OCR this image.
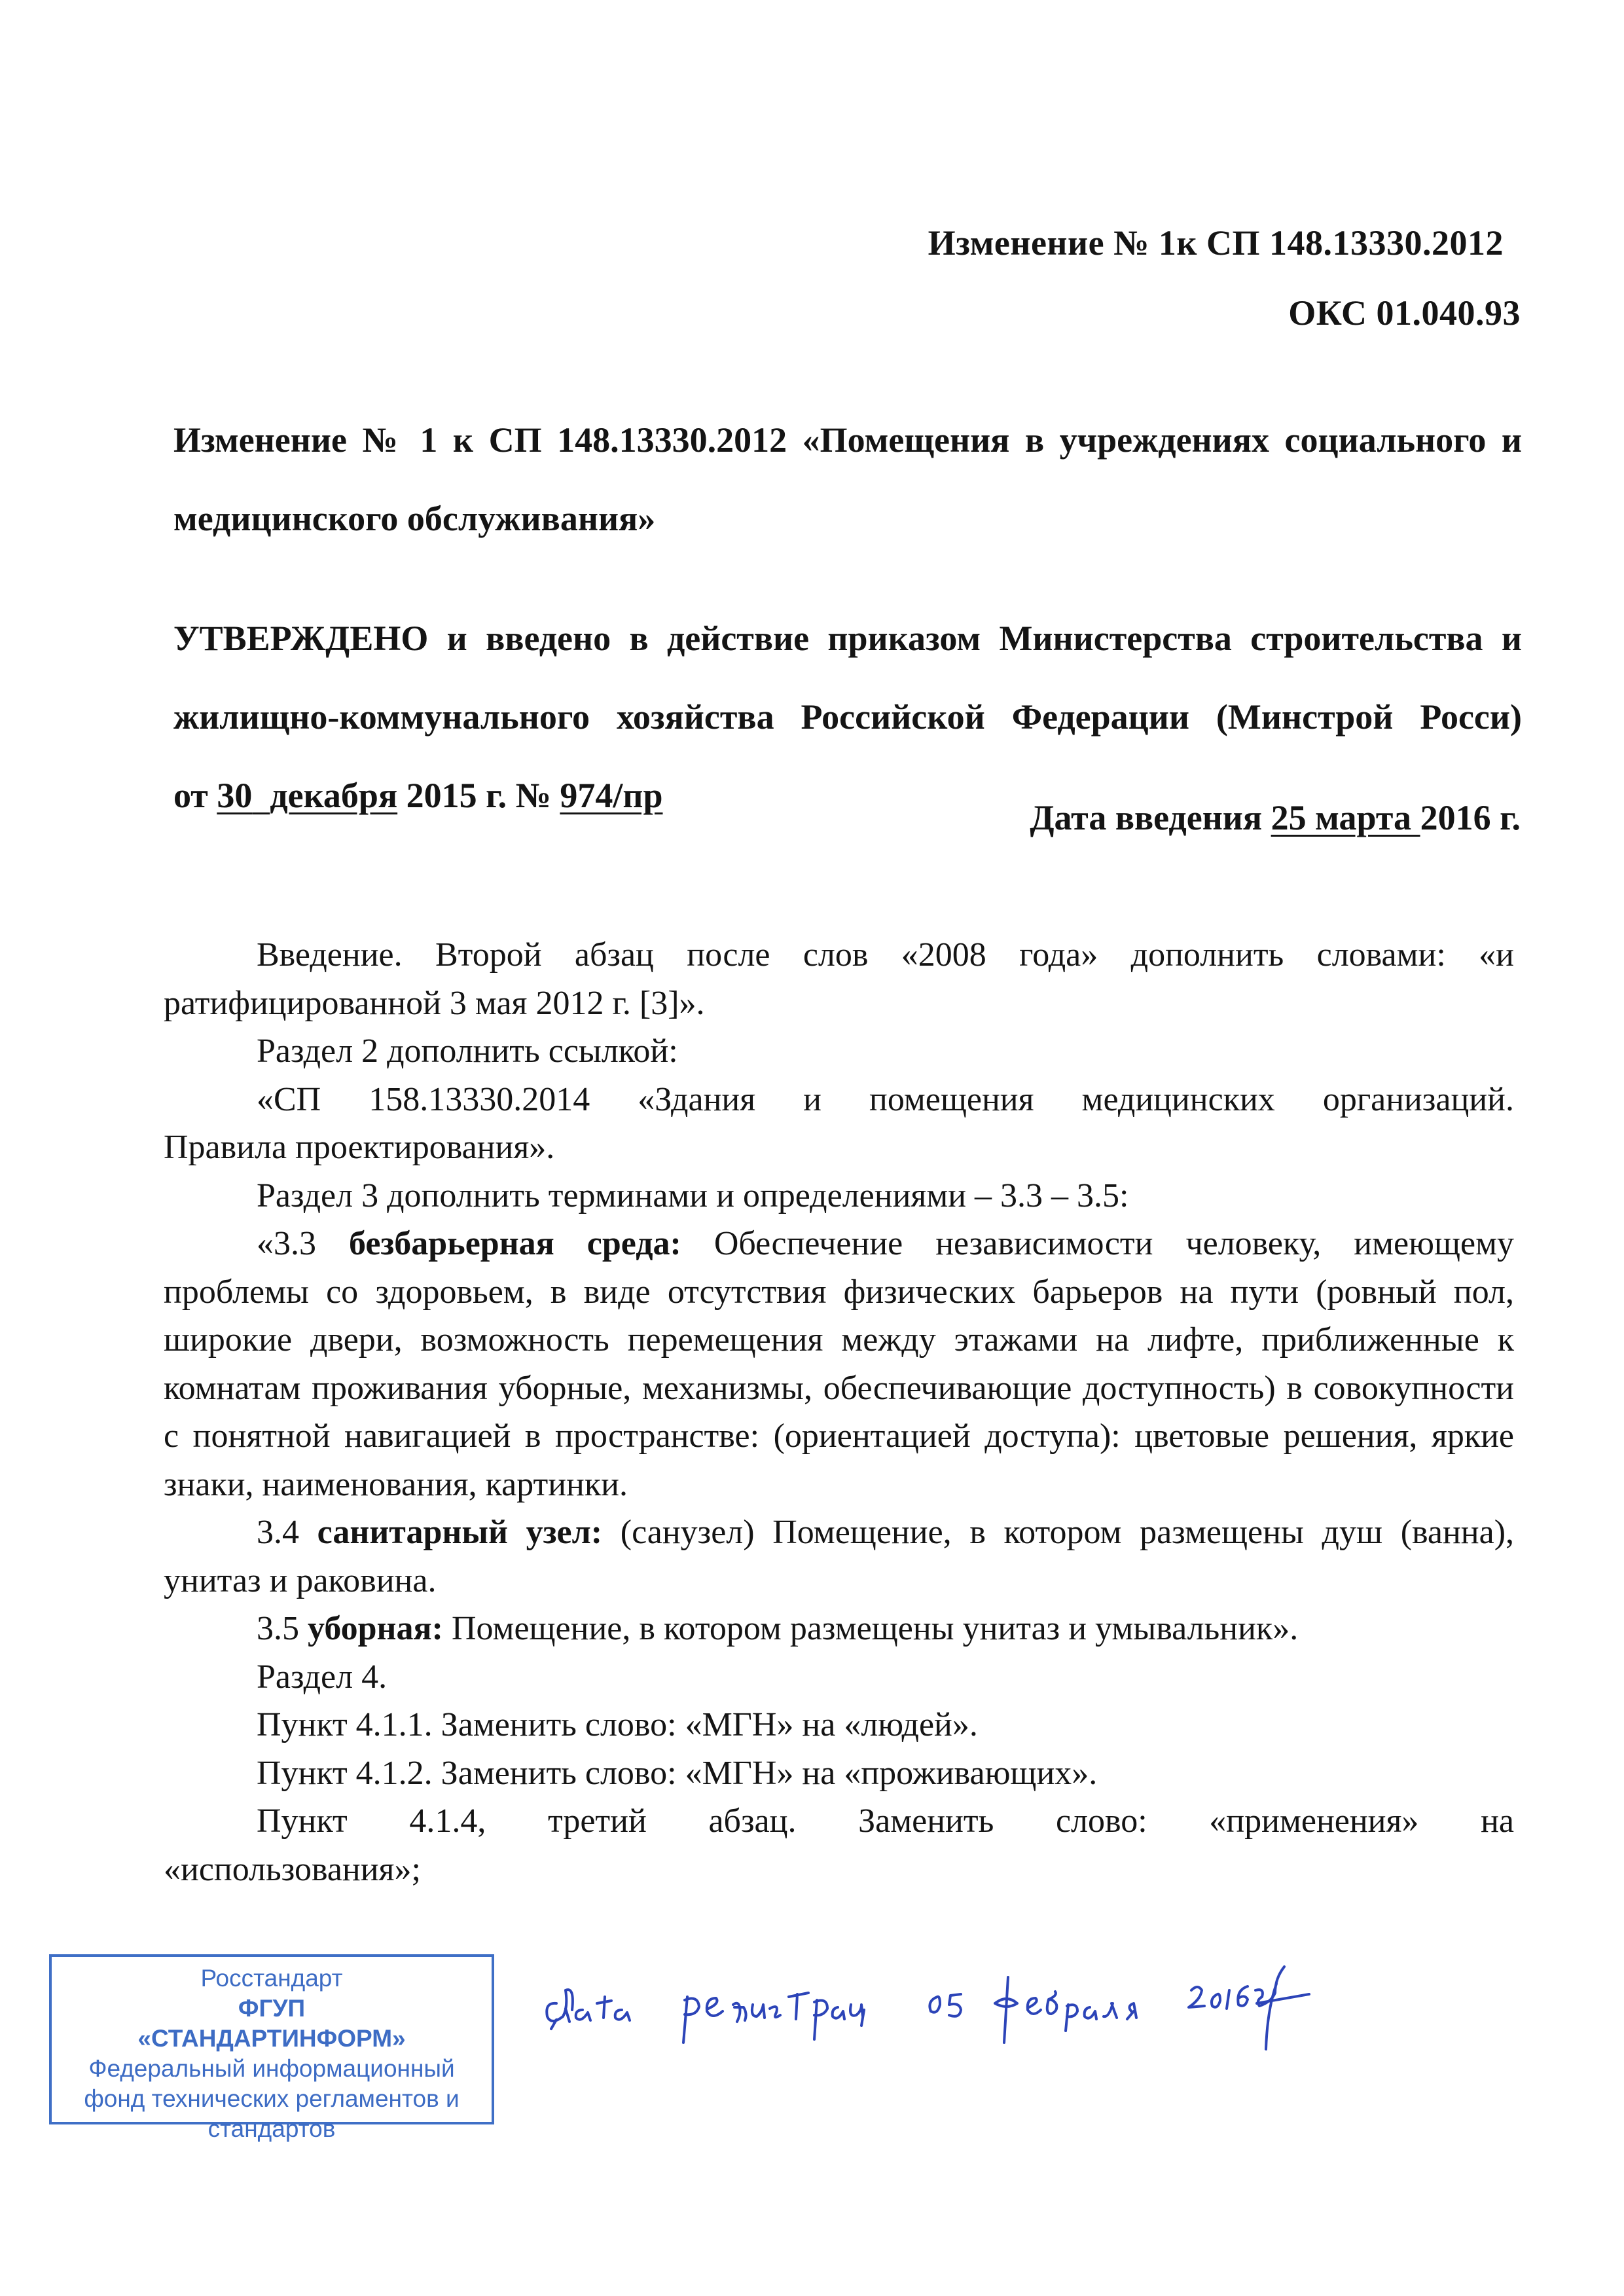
Изменение № 1к СП 148.13330.2012
ОКС 01.040.93
Изменение № 1 к СП 148.13330.2012 «Помещения в учреждениях социального и
медицинского обслуживания»
УТВЕРЖДЕНО и введено в действие приказом Министерства строительства и
жилищно-коммунального хозяйства Российской Федерации (Минстрой Росси)
от 30 декабря 2015 г. № 974/пр
Дата введения 25 марта 2016 г.

Введение. Второй абзац после слов «2008 года» дополнить словами: «и

ратифицированной 3 мая 2012 г. [3]».

Раздел 2 дополнить ссылкой:

«СП 158.13330.2014 «Здания и помещения медицинских организаций.

Правила проектирования».

Раздел 3 дополнить терминами и определениями – 3.3 – 3.5:

«3.3 безбарьерная среда: Обеспечение независимости человеку, имеющему проблемы со здоровьем, в виде отсутствия физических барьеров на пути (ровный пол, широкие двери, возможность перемещения между этажами на лифте, приближенные к комнатам проживания уборные, механизмы, обеспечивающие доступность) в совокупности с понятной навигацией в пространстве: (ориентацией доступа): цветовые решения, яркие знаки, наименования, картинки.

3.4 санитарный узел: (санузел) Помещение, в котором размещены душ (ванна), унитаз и раковина.

3.5 уборная: Помещение, в котором размещены унитаз и умывальник».

Раздел 4.

Пункт 4.1.1. Заменить слово: «МГН» на «людей».

Пункт 4.1.2. Заменить слово: «МГН» на «проживающих».

Пункт 4.1.4, третий абзац. Заменить слово: «применения» на

«использования»;

Росстандарт
ФГУП
«СТАНДАРТИНФОРМ»
Федеральный информационный
фонд технических регламентов и
стандартов
